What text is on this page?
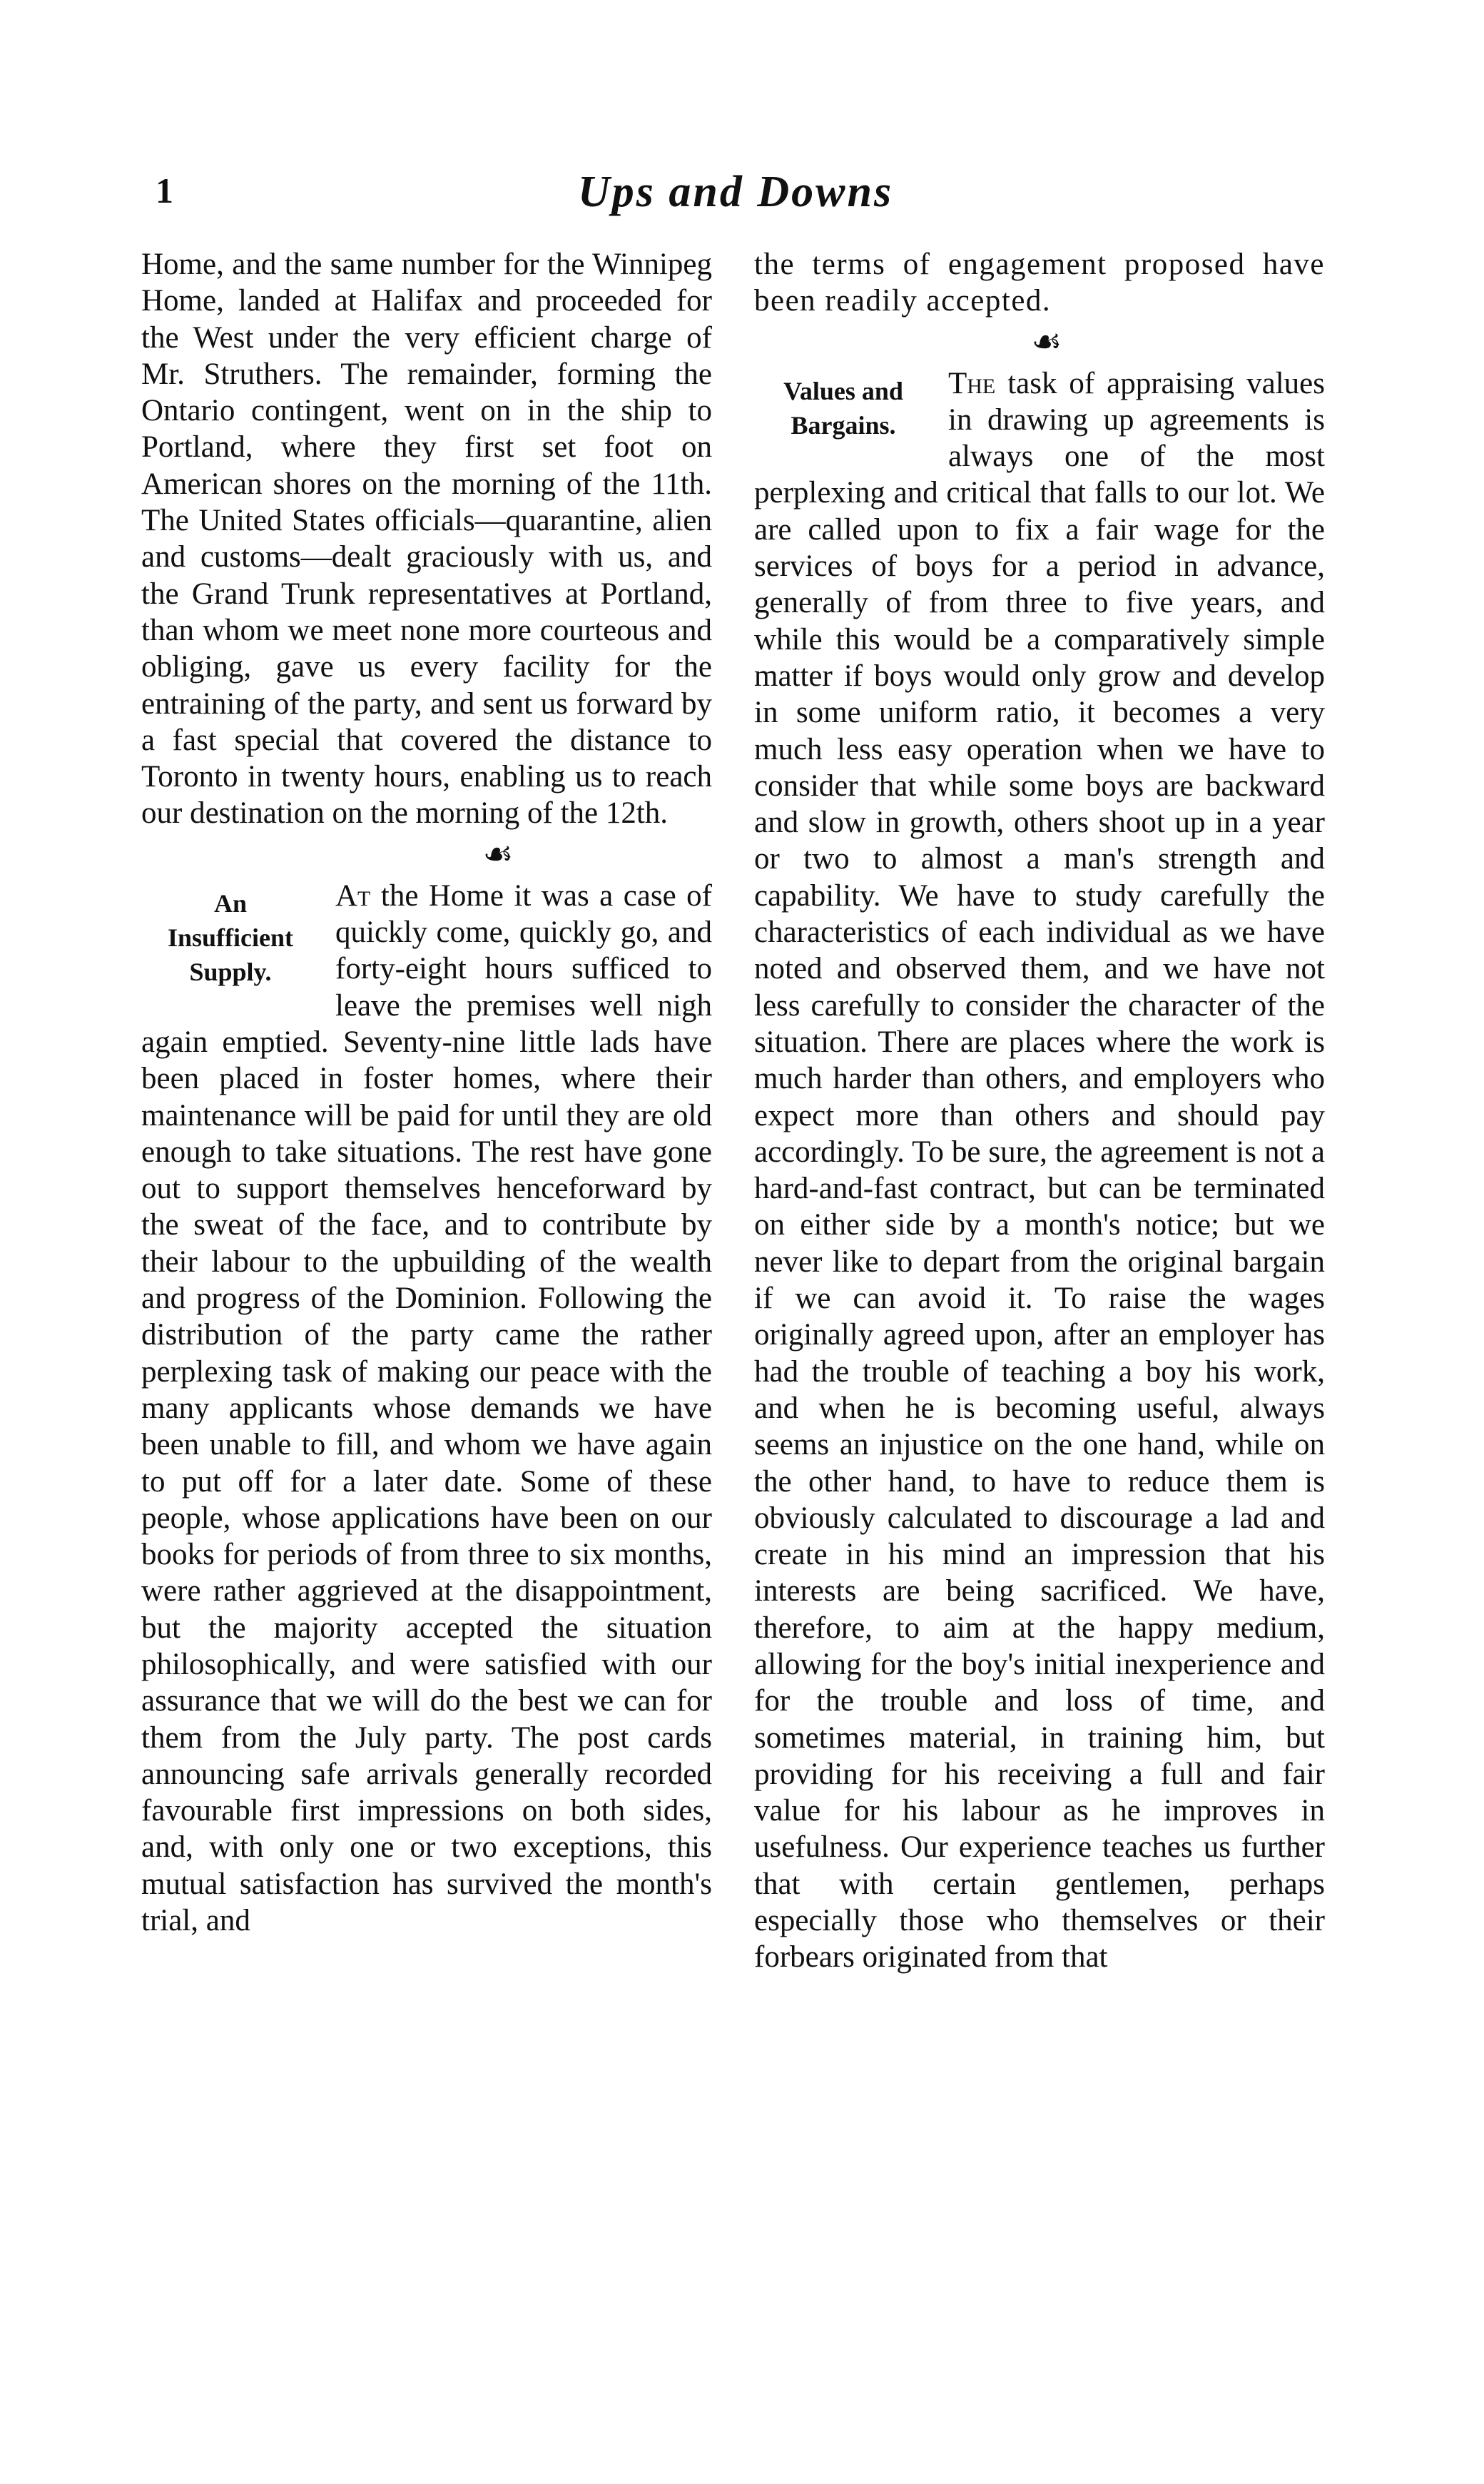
1	Ups and Downs

Home, and the same number for the Winnipeg Home, landed at Halifax and proceeded for the West under the very efficient charge of Mr. Struthers. The remainder, forming the Ontario contingent, went on in the ship to Portland, where they first set foot on American shores on the morning of the 11th. The United States officials—quarantine, alien and customs—dealt graciously with us, and the Grand Trunk representatives at Portland, than whom we meet none more courteous and obliging, gave us every facility for the entraining of the party, and sent us forward by a fast special that covered the distance to Toronto in twenty hours, enabling us to reach our destination on the morning of the 12th.

☙
An
Insufficient
Supply.

At the Home it was a case of quickly come, quickly go, and forty-eight hours sufficed to leave the premises well nigh again emptied. Seventy-nine little lads have been placed in foster homes, where their maintenance will be paid for until they are old enough to take situations. The rest have gone out to support themselves henceforward by the sweat of the face, and to contribute by their labour to the upbuilding of the wealth and progress of the Dominion. Following the distribution of the party came the rather perplexing task of making our peace with the many applicants whose demands we have been unable to fill, and whom we have again to put off for a later date. Some of these people, whose applications have been on our books for periods of from three to six months, were rather aggrieved at the disappointment, but the majority accepted the situation philosophically, and were satisfied with our assurance that we will do the best we can for them from the July party. The post cards announcing safe arrivals generally recorded favourable first impressions on both sides, and, with only one or two exceptions, this mutual satisfaction has survived the month's trial, and

the terms of engagement proposed have been readily accepted.

☙
Values and
Bargains.

The task of appraising values in drawing up agreements is always one of the most perplexing and critical that falls to our lot. We are called upon to fix a fair wage for the services of boys for a period in advance, generally of from three to five years, and while this would be a comparatively simple matter if boys would only grow and develop in some uniform ratio, it becomes a very much less easy operation when we have to consider that while some boys are backward and slow in growth, others shoot up in a year or two to almost a man's strength and capability. We have to study carefully the characteristics of each individual as we have noted and observed them, and we have not less carefully to consider the character of the situation. There are places where the work is much harder than others, and employers who expect more than others and should pay accordingly. To be sure, the agreement is not a hard-and-fast contract, but can be terminated on either side by a month's notice; but we never like to depart from the original bargain if we can avoid it. To raise the wages originally agreed upon, after an employer has had the trouble of teaching a boy his work, and when he is becoming useful, always seems an injustice on the one hand, while on the other hand, to have to reduce them is obviously calculated to discourage a lad and create in his mind an impression that his interests are being sacrificed. We have, therefore, to aim at the happy medium, allowing for the boy's initial inexperience and for the trouble and loss of time, and sometimes material, in training him, but providing for his receiving a full and fair value for his labour as he improves in usefulness. Our experience teaches us further that with certain gentlemen, perhaps especially those who themselves or their forbears originated from that
